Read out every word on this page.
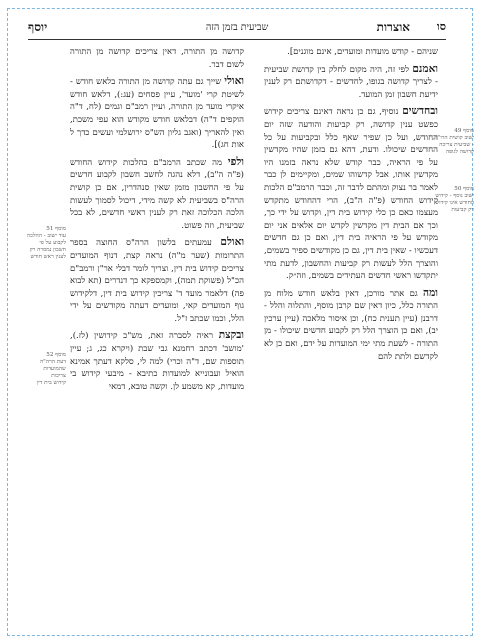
סו
אוצרות
שביעית בזמן הזה
יוסף

שניהם - קודש מועדות ומועדים, אינם מוגנים].

ואמנם לפי זה, היה מקום לחלק בין קדושת שביעית - לצריך קדושה בגופו, לחדשים - דקדושתם רק לענין ידיעת חשבון זמן המועד.

ובחדשים נוסיף, גם כן נראה דאינם צריכים קידוש כפשט ענין קדושה, רק קביעות והודעה שזה יום החודש, ועל כן שפיר שאף כלל ובקביעות על כל החדשים שיכולו. ודעת, דהא גם בזמן שהיו מקדשין על פי הראיה, כבר קודש שלא נראה בזמנו היו מקדשין אותו, אבל קדשוהו שמים, ומקיימים לן כבר לאמר בר נצוק ומהתם לדבר זה, וכבר הרמב"ם הלכות קידוש החודש (פ"ה ה"ב), הרי דהחודש מתקדש מעצמו כאם כן כלי קידוש בית דין, וקדוש על ידי כך, וכך אם הבית דין מקדשין לקדש יום אלאים אני יום מקודש על פי הראיה בית דין, ואם כן גם חדשים דעכשיו - שאין בית דין, גם כן מקודשים ספיר בשמים, והוצרך הלל לעשות רק קביעות והחשבון, לדעת מתי יתקדשו ראשי חדשים העתידים בשמים, וזה״ק.

ומה גם אתר מורכן, דאין בלאש חודש מלוח מן התורה כלל, כיון דאין שם קרבן מוסף, והתלוה והלל - דרבנן (עיין תענית כח), וכן איסור מלאכה (עיין ערכין יב), ואם כן הוצרך הלל רק לקבוע חדשים שיכולו - מן התורה - לשעת מתי ימי המועדות על ידם, ואם כן לא לקדשם ולתת להם

קדושה מן התורה, דאין צריכים קדושה מן התורה לשום דבר.

ואולי שייך גם עתה קדושה מן התורה בלאש חודש - לשיטת קרי 'מועד', עיין פסחים (עג:), דלאש חודש איקרי מועד מן התורה, ועיין רמב"ם וגמים (לח, ד"ה הוקפים ד"ה) דבלאש חודש מקודש הוא עפי משכת, ואין להאריך (ואגב גליון הש"ס ירושלמי ועשים כדך ל אות חג)].

ולפי מה שכתב הרמב"ם בהלכות קידוש החודש (פ"ה ה"ב), דלא נהגה לחשב חשבון לקבוע חדשים על פי החשבון מזמן שאין סנהדרין, אם כן קושית הרה"ס בשביעית לא קשה מידי, דיכול לסמוך לעשות הלכה הכלוכה זאת רק לענין ראשי חדשים, לא בכל שביעית, וזה פשוט.

ואולם עמעתים בלשון הרה"ס החוצה בספר התרומות (שער מ"ה) נראה קצת, דנוף המועדים צריכים קידוש בית דין, וצריך לומר דבלי אר"ן ורמב"ם הכ"ל (פשוקת תמה), וקמספקא כך דנדרים (תא לבוא פה) דלאמר מועד ד' צריכין קידוש בית דין, דלקידוש גוף המועדים קאי, ומועדים דעתה מקודשים על ידי הלל, וכמו שכתב ז"ל.

ובקצת ראיה לסברה זאת, מש"כ קידושין (לז.), 'מושב' דכתב רחמנא גבי שבת (ויקרא כג, ג; עיין תוספות שם, ד"ה וכרי) למה לי, סלקא דעתך אמינא הואיל ועבונייא למועדות כתיבא - מיבעי קידוש בי מועדות, קא משמע לן. וקשה טובא, דמאי

מוסף 49
ישוב קושית הרו"ה
- שביעית צריכה
קדושה לגופה
מוסף 50
ישוב נוסף - קידוש
החודש אינו קידוש
רק קביעות
מוסף 51
עוד ישוב - ההלכה
לקבוע על פי
חשבון נמסרה רק
לענין ראש חודש
מוסף 52
דעת הרה"ה
שהמועדות
צריכות
קידוש בית דין
